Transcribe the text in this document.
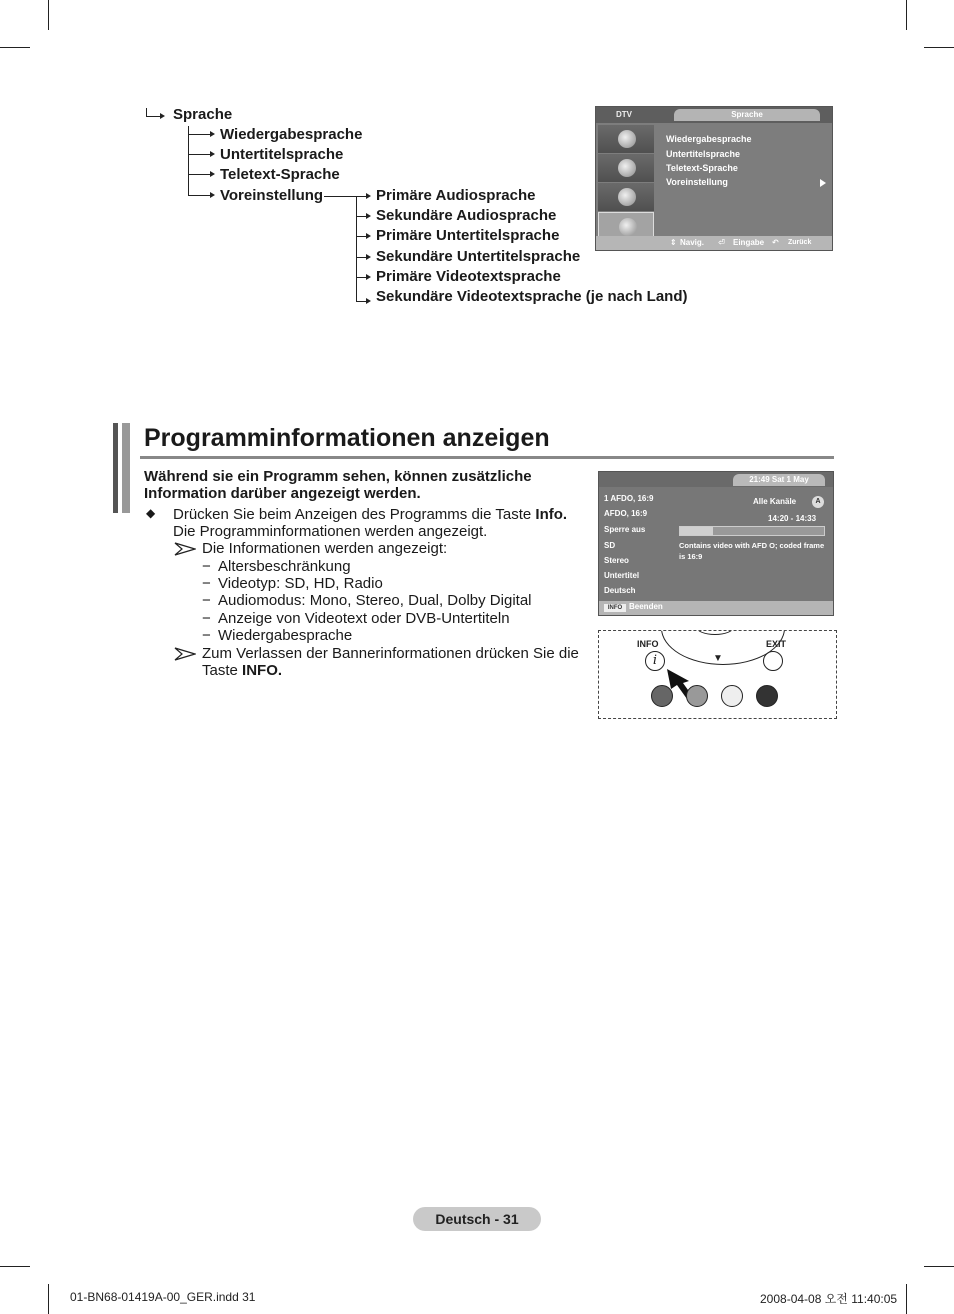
Sprache
Wiedergabesprache
Untertitelsprache
Teletext-Sprache
Voreinstellung	Primäre Audiosprache
Sekundäre Audiosprache
Primäre Untertitelsprache
Sekundäre Untertitelsprache
Primäre Videotextsprache
Sekundäre Videotextsprache (je nach Land)
DTV	Sprache
Wiedergabesprache
Untertitelsprache
Teletext-Sprache
Voreinstellung
⇕ Navig. ⏎ Eingabe ↶ Zurück
Programminformationen anzeigen
Während sie ein Programm sehen, können zusätzliche Information darüber angezeigt werden.
◆ Drücken Sie beim Anzeigen des Programms die Taste Info.
Die Programminformationen werden angezeigt.
Die Informationen werden angezeigt:
− Altersbeschränkung
− Videotyp: SD, HD, Radio
− Audiomodus: Mono, Stereo, Dual, Dolby Digital
− Anzeige von Videotext oder DVB-Untertiteln
− Wiedergabesprache
Zum Verlassen der Bannerinformationen drücken Sie die Taste INFO.
21:49 Sat 1 May
1 AFDO, 16:9
AFDO, 16:9
Sperre aus
SD
Stereo
Untertitel
Deutsch
Alle Kanäle	A
14:20 - 14:33
Contains video with AFD O; coded frame is 16:9
INFO Beenden
▼
INFO
i
EXIT
Deutsch - 31
01-BN68-01419A-00_GER.indd 31	2008-04-08 오전 11:40:05
